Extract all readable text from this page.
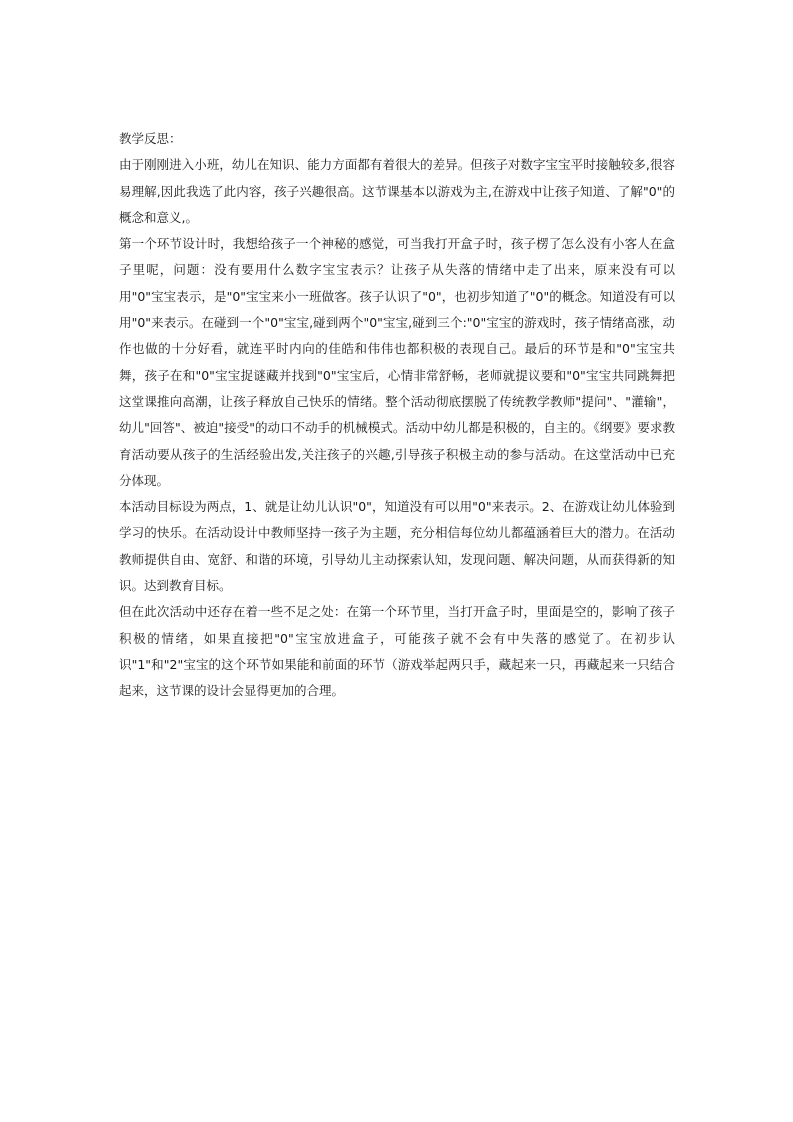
教学反思：

由于刚刚进入小班，幼儿在知识、能力方面都有着很大的差异。但孩子对数字宝宝平时接触较多,很容易理解,因此我选了此内容，孩子兴趣很高。这节课基本以游戏为主,在游戏中让孩子知道、了解"0"的概念和意义,。

第一个环节设计时，我想给孩子一个神秘的感觉，可当我打开盒子时，孩子楞了怎么没有小客人在盒子里呢，问题：没有要用什么数字宝宝表示？让孩子从失落的情绪中走了出来，原来没有可以用"0"宝宝表示，是"0"宝宝来小一班做客。孩子认识了"0"，也初步知道了"0"的概念。知道没有可以用"0"来表示。在碰到一个"0"宝宝,碰到两个"0"宝宝,碰到三个:"0"宝宝的游戏时，孩子情绪高涨，动作也做的十分好看，就连平时内向的佳皓和伟伟也都积极的表现自己。最后的环节是和"0"宝宝共舞，孩子在和"0"宝宝捉谜藏并找到"0"宝宝后，心情非常舒畅，老师就提议要和"0"宝宝共同跳舞把这堂课推向高潮，让孩子释放自己快乐的情绪。整个活动彻底摆脱了传统教学教师"提问"、"灌输"，幼儿"回答"、被迫"接受"的动口不动手的机械模式。活动中幼儿都是积极的，自主的。《纲要》要求教育活动要从孩子的生活经验出发,关注孩子的兴趣,引导孩子积极主动的参与活动。在这堂活动中已充分体现。

本活动目标设为两点，1、就是让幼儿认识"0"，知道没有可以用"0"来表示。2、在游戏让幼儿体验到学习的快乐。在活动设计中教师坚持一孩子为主题，充分相信每位幼儿都蕴涵着巨大的潜力。在活动教师提供自由、宽舒、和谐的环境，引导幼儿主动探索认知，发现问题、解决问题，从而获得新的知识。达到教育目标。

但在此次活动中还存在着一些不足之处：在第一个环节里，当打开盒子时，里面是空的，影响了孩子积极的情绪，如果直接把"0"宝宝放进盒子，可能孩子就不会有中失落的感觉了。在初步认识"1"和"2"宝宝的这个环节如果能和前面的环节（游戏举起两只手，藏起来一只，再藏起来一只结合起来，这节课的设计会显得更加的合理。
